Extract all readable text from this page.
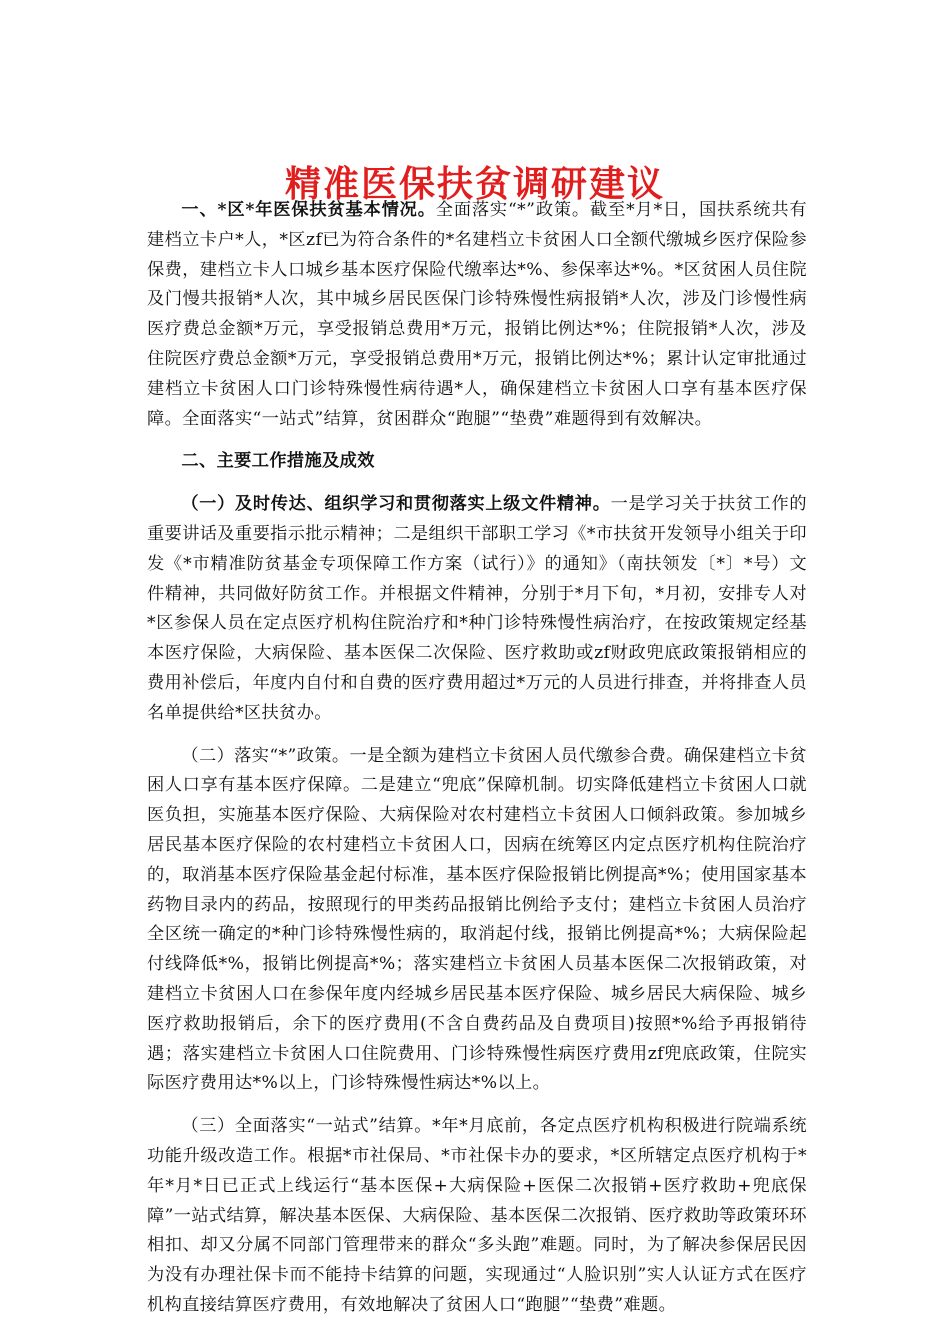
精准医保扶贫调研建议

一、*区*年医保扶贫基本情况。全面落实“*”政策。截至*月*日，国扶系统共有建档立卡户*人，*区zf已为符合条件的*名建档立卡贫困人口全额代缴城乡医疗保险参保费，建档立卡人口城乡基本医疗保险代缴率达*%、参保率达*%。*区贫困人员住院及门慢共报销*人次，其中城乡居民医保门诊特殊慢性病报销*人次，涉及门诊慢性病医疗费总金额*万元，享受报销总费用*万元，报销比例达*%；住院报销*人次，涉及住院医疗费总金额*万元，享受报销总费用*万元，报销比例达*%；累计认定审批通过建档立卡贫困人口门诊特殊慢性病待遇*人，确保建档立卡贫困人口享有基本医疗保障。全面落实“一站式”结算，贫困群众“跑腿”“垫费”难题得到有效解决。

二、主要工作措施及成效

（一）及时传达、组织学习和贯彻落实上级文件精神。一是学习关于扶贫工作的重要讲话及重要指示批示精神；二是组织干部职工学习《*市扶贫开发领导小组关于印发《*市精准防贫基金专项保障工作方案（试行）》的通知》（南扶领发〔*〕*号）文件精神，共同做好防贫工作。并根据文件精神，分别于*月下旬，*月初，安排专人对*区参保人员在定点医疗机构住院治疗和*种门诊特殊慢性病治疗，在按政策规定经基本医疗保险，大病保险、基本医保二次保险、医疗救助或zf财政兜底政策报销相应的费用补偿后，年度内自付和自费的医疗费用超过*万元的人员进行排查，并将排查人员名单提供给*区扶贫办。

（二）落实“*”政策。一是全额为建档立卡贫困人员代缴参合费。确保建档立卡贫困人口享有基本医疗保障。二是建立“兜底”保障机制。切实降低建档立卡贫困人口就医负担，实施基本医疗保险、大病保险对农村建档立卡贫困人口倾斜政策。参加城乡居民基本医疗保险的农村建档立卡贫困人口，因病在统筹区内定点医疗机构住院治疗的，取消基本医疗保险基金起付标准，基本医疗保险报销比例提高*%；使用国家基本药物目录内的药品，按照现行的甲类药品报销比例给予支付；建档立卡贫困人员治疗全区统一确定的*种门诊特殊慢性病的，取消起付线，报销比例提高*%；大病保险起付线降低*%，报销比例提高*%；落实建档立卡贫困人员基本医保二次报销政策，对建档立卡贫困人口在参保年度内经城乡居民基本医疗保险、城乡居民大病保险、城乡医疗救助报销后，余下的医疗费用(不含自费药品及自费项目)按照*%给予再报销待遇；落实建档立卡贫困人口住院费用、门诊特殊慢性病医疗费用zf兜底政策，住院实际医疗费用达*%以上，门诊特殊慢性病达*%以上。

（三）全面落实“一站式”结算。*年*月底前，各定点医疗机构积极进行院端系统功能升级改造工作。根据*市社保局、*市社保卡办的要求，*区所辖定点医疗机构于*年*月*日已正式上线运行“基本医保+大病保险+医保二次报销+医疗救助+兜底保障”一站式结算，解决基本医保、大病保险、基本医保二次报销、医疗救助等政策环环相扣、却又分属不同部门管理带来的群众“多头跑”难题。同时，为了解决参保居民因为没有办理社保卡而不能持卡结算的问题，实现通过“人脸识别”实人认证方式在医疗机构直接结算医疗费用，有效地解决了贫困人口“跑腿”“垫费”难题。
